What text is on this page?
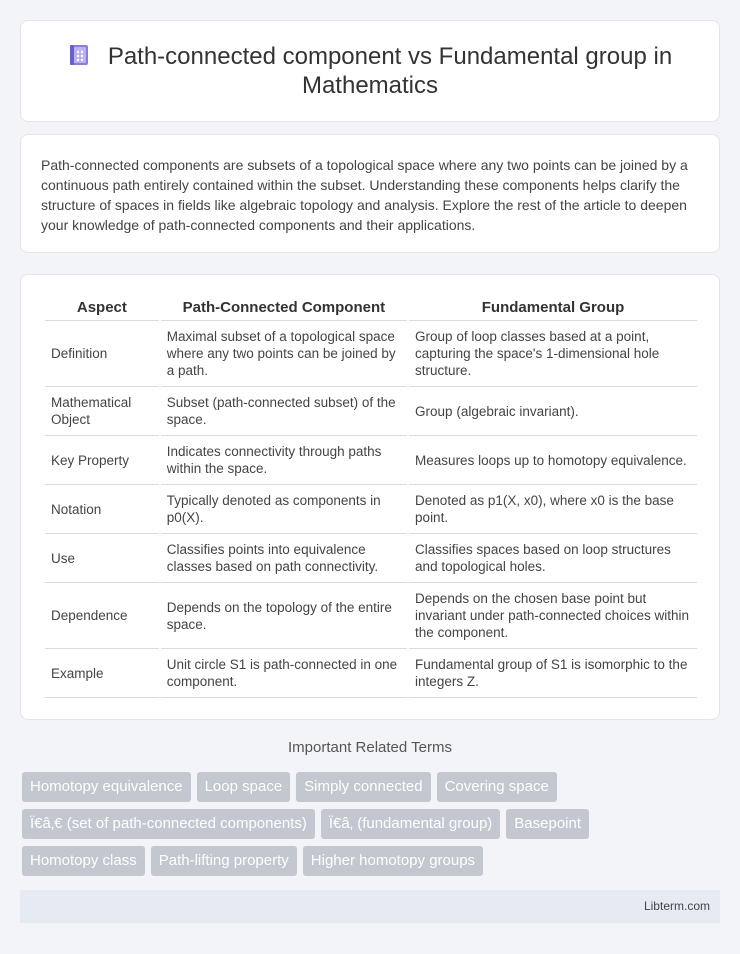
Path-connected component vs Fundamental group in Mathematics

Path-connected components are subsets of a topological space where any two points can be joined by a continuous path entirely contained within the subset. Understanding these components helps clarify the structure of spaces in fields like algebraic topology and analysis. Explore the rest of the article to deepen your knowledge of path-connected components and their applications.

Aspect	Path-Connected Component	Fundamental Group
Definition	Maximal subset of a topological space where any two points can be joined by a path.	Group of loop classes based at a point, capturing the space's 1-dimensional hole structure.
Mathematical Object	Subset (path-connected subset) of the space.	Group (algebraic invariant).
Key Property	Indicates connectivity through paths within the space.	Measures loops up to homotopy equivalence.
Notation	Typically denoted as components in p0(X).	Denoted as p1(X, x0), where x0 is the base point.
Use	Classifies points into equivalence classes based on path connectivity.	Classifies spaces based on loop structures and topological holes.
Dependence	Depends on the topology of the entire space.	Depends on the chosen base point but invariant under path-connected choices within the component.
Example	Unit circle S1 is path-connected in one component.	Fundamental group of S1 is isomorphic to the integers Z.
Important Related Terms
Homotopy equivalence	Loop space	Simply connected	Covering space
Ï€â‚€ (set of path-connected components)	Ï€â‚ (fundamental group)	Basepoint
Homotopy class	Path-lifting property	Higher homotopy groups
Libterm.com
